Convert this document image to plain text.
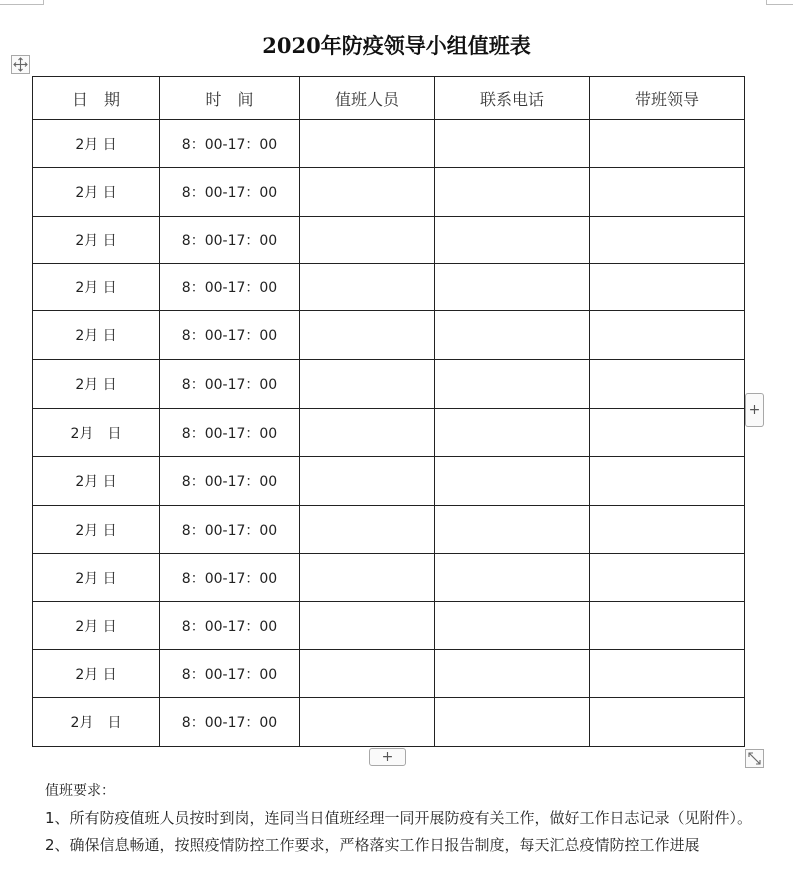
2020年防疫领导小组值班表
日　期	时　间	值班人员	联系电话	带班领导
2月 日	8：00-17：00			
2月 日	8：00-17：00			
2月 日	8：00-17：00			
2月 日	8：00-17：00			
2月 日	8：00-17：00			
2月 日	8：00-17：00			
2月　日	8：00-17：00			
2月 日	8：00-17：00			
2月 日	8：00-17：00			
2月 日	8：00-17：00			
2月 日	8：00-17：00			
2月 日	8：00-17：00			
2月　日	8：00-17：00			
+
+

值班要求：

1、所有防疫值班人员按时到岗，连同当日值班经理一同开展防疫有关工作，做好工作日志记录（见附件）。

2、确保信息畅通，按照疫情防控工作要求，严格落实工作日报告制度，每天汇总疫情防控工作进展
